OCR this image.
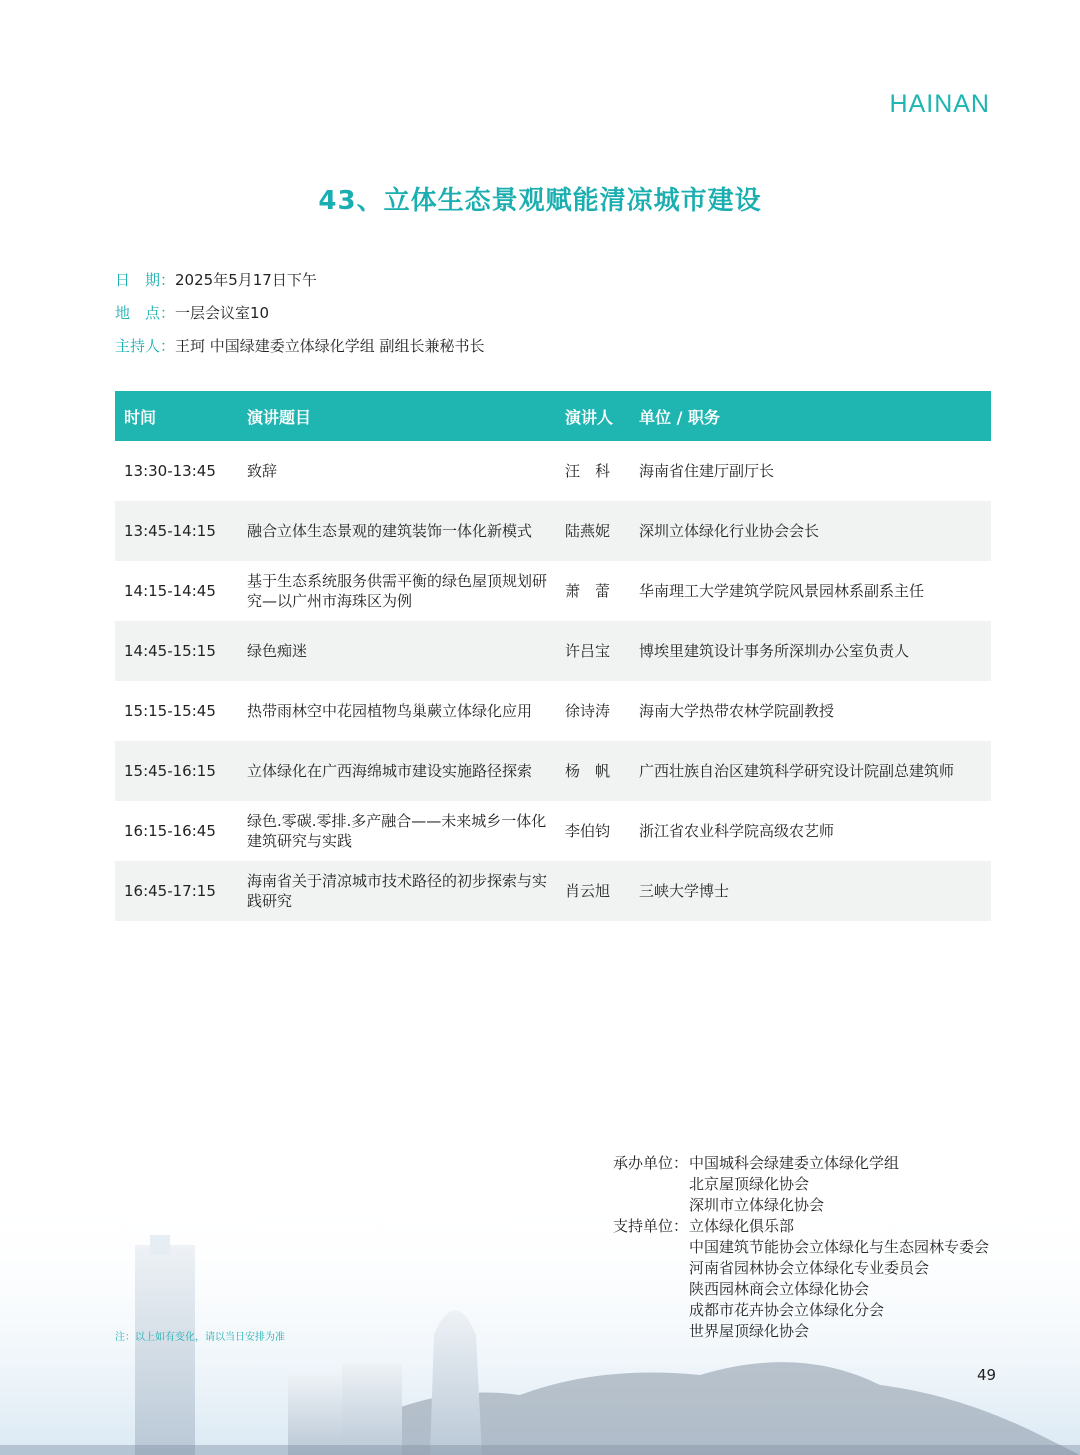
HAINAN
43、立体生态景观赋能清凉城市建设
日　期：2025年5月17日下午
地　点：一层会议室10
主持人：王珂 中国绿建委立体绿化学组 副组长兼秘书长
时间	演讲题目	演讲人	单位 / 职务
13:30-13:45	致辞	汪　科	海南省住建厅副厅长
13:45-14:15	融合立体生态景观的建筑装饰一体化新模式	陆燕妮	深圳立体绿化行业协会会长
14:15-14:45	基于生态系统服务供需平衡的绿色屋顶规划研究—以广州市海珠区为例	萧　蕾	华南理工大学建筑学院风景园林系副系主任
14:45-15:15	绿色痴迷	许吕宝	博埃里建筑设计事务所深圳办公室负责人
15:15-15:45	热带雨林空中花园植物鸟巢蕨立体绿化应用	徐诗涛	海南大学热带农林学院副教授
15:45-16:15	立体绿化在广西海绵城市建设实施路径探索	杨　帆	广西壮族自治区建筑科学研究设计院副总建筑师
16:15-16:45	绿色.零碳.零排.多产融合——未来城乡一体化建筑研究与实践	李伯钧	浙江省农业科学院高级农艺师
16:45-17:15	海南省关于清凉城市技术路径的初步探索与实践研究	肖云旭	三峡大学博士
承办单位： 中国城科会绿建委立体绿化学组
北京屋顶绿化协会
深圳市立体绿化协会
支持单位： 立体绿化俱乐部
中国建筑节能协会立体绿化与生态园林专委会
河南省园林协会立体绿化专业委员会
陕西园林商会立体绿化协会
成都市花卉协会立体绿化分会
世界屋顶绿化协会
注：以上如有变化，请以当日安排为准
49
